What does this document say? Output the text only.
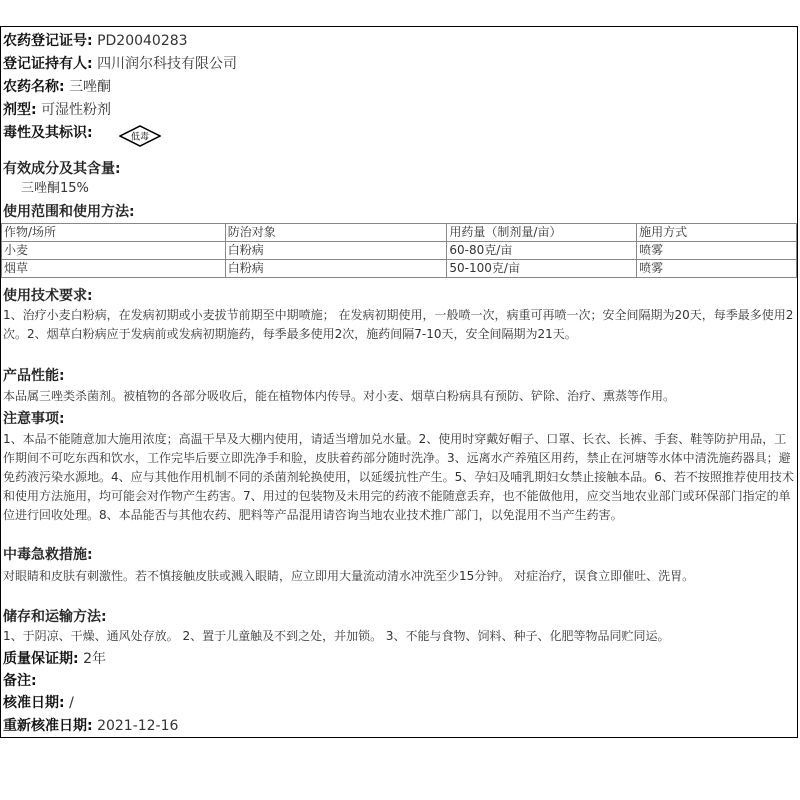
农药登记证号: PD20040283
登记证持有人: 四川润尔科技有限公司
农药名称: 三唑酮
剂型: 可湿性粉剂
毒性及其标识:	低毒
有效成分及其含量:
三唑酮15%
使用范围和使用方法:
作物/场所	防治对象	用药量（制剂量/亩）	施用方式
小麦	白粉病	60-80克/亩	喷雾
烟草	白粉病	50-100克/亩	喷雾
使用技术要求:
1、治疗小麦白粉病，在发病初期或小麦拔节前期至中期喷施； 在发病初期使用，一般喷一次，病重可再喷一次；安全间隔期为20天，每季最多使用2次。2、烟草白粉病应于发病前或发病初期施药，每季最多使用2次，施药间隔7-10天，安全间隔期为21天。
产品性能:
本品属三唑类杀菌剂。被植物的各部分吸收后，能在植物体内传导。对小麦、烟草白粉病具有预防、铲除、治疗、熏蒸等作用。
注意事项:
1、本品不能随意加大施用浓度；高温干旱及大棚内使用，请适当增加兑水量。2、使用时穿戴好帽子、口罩、长衣、长裤、手套、鞋等防护用品，工作期间不可吃东西和饮水，工作完毕后要立即洗净手和脸，皮肤着药部分随时洗净。3、远离水产养殖区用药，禁止在河塘等水体中清洗施药器具；避免药液污染水源地。4、应与其他作用机制不同的杀菌剂轮换使用，以延缓抗性产生。5、孕妇及哺乳期妇女禁止接触本品。6、若不按照推荐使用技术和使用方法施用，均可能会对作物产生药害。7、用过的包装物及未用完的药液不能随意丢弃，也不能做他用，应交当地农业部门或环保部门指定的单位进行回收处理。8、本品能否与其他农药、肥料等产品混用请咨询当地农业技术推广部门，以免混用不当产生药害。
中毒急救措施:
对眼睛和皮肤有刺激性。若不慎接触皮肤或溅入眼睛，应立即用大量流动清水冲洗至少15分钟。 对症治疗，误食立即催吐、洗胃。
储存和运输方法:
1、于阴凉、干燥、通风处存放。 2、置于儿童触及不到之处，并加锁。 3、不能与食物、饲料、种子、化肥等物品同贮同运。
质量保证期: 2年
备注:
核准日期: /
重新核准日期: 2021-12-16
